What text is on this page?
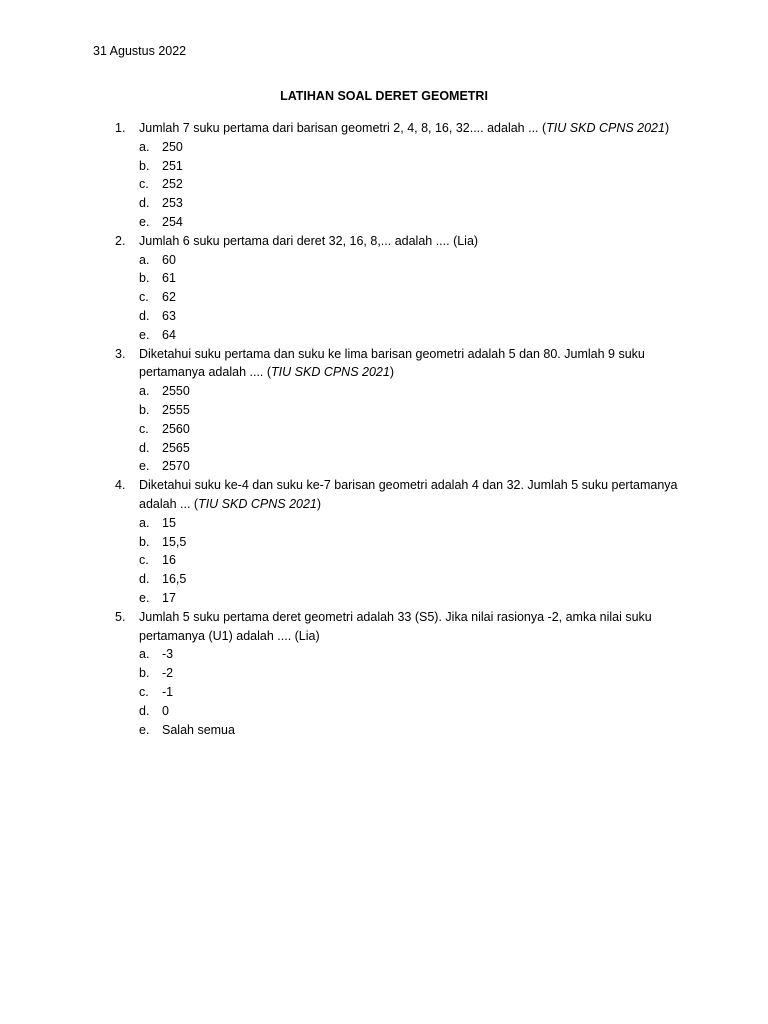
31 Agustus 2022
LATIHAN SOAL DERET GEOMETRI
1. Jumlah 7 suku pertama dari barisan geometri 2, 4, 8, 16, 32.... adalah ... (TIU SKD CPNS 2021)
a. 250
b. 251
c. 252
d. 253
e. 254
2. Jumlah 6 suku pertama dari deret 32, 16, 8,... adalah .... (Lia)
a. 60
b. 61
c. 62
d. 63
e. 64
3. Diketahui suku pertama dan suku ke lima barisan geometri adalah 5 dan 80. Jumlah 9 suku pertamanya adalah .... (TIU SKD CPNS 2021)
a. 2550
b. 2555
c. 2560
d. 2565
e. 2570
4. Diketahui suku ke-4 dan suku ke-7 barisan geometri adalah 4 dan 32. Jumlah 5 suku pertamanya adalah ... (TIU SKD CPNS 2021)
a. 15
b. 15,5
c. 16
d. 16,5
e. 17
5. Jumlah 5 suku pertama deret geometri adalah 33 (S5). Jika nilai rasionya -2, amka nilai suku pertamanya (U1) adalah .... (Lia)
a. -3
b. -2
c. -1
d. 0
e. Salah semua
